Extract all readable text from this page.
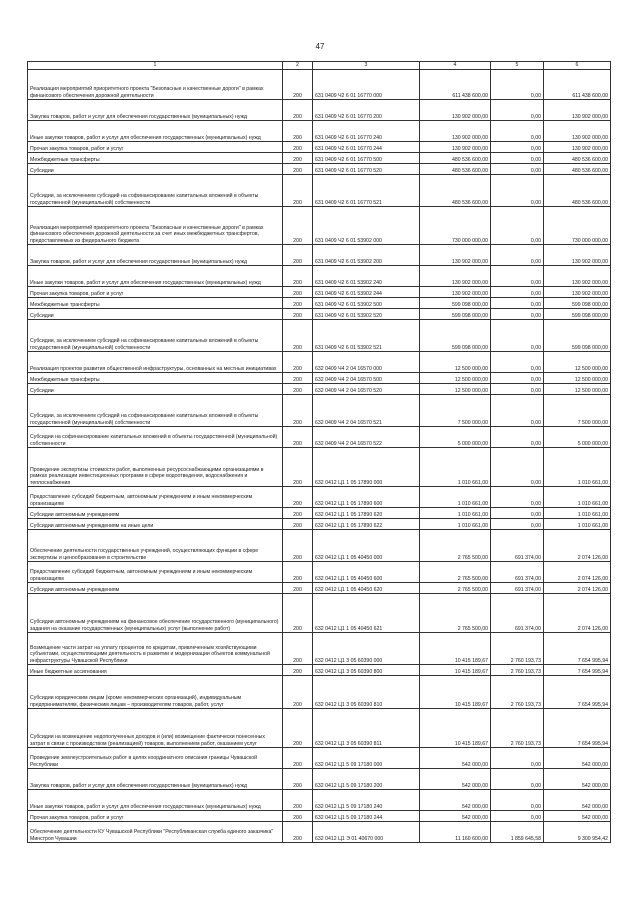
47
1	2	3	4	5	6
Реализация мероприятий приоритетного проекта "Безопасные и качественные дороги" в рамках финансового обеспечения дорожной деятельности	200	631 0409 Ч2 6 01 16770 000	611 438 600,00	0,00	611 438 600,00
Закупка товаров, работ и услуг для обеспечения государственных (муниципальных) нужд	200	631 0409 Ч2 6 01 16770 200	130 902 000,00	0,00	130 902 000,00
Иные закупки товаров, работ и услуг для обеспечения государственных (муниципальных) нужд	200	631 0409 Ч2 6 01 16770 240	130 902 000,00	0,00	130 902 000,00
Прочая закупка товаров, работ и услуг	200	631 0409 Ч2 6 01 16770 244	130 902 000,00	0,00	130 902 000,00
Межбюджетные трансферты	200	631 0409 Ч2 6 01 16770 500	480 536 600,00	0,00	480 536 600,00
Субсидии	200	631 0409 Ч2 6 01 16770 520	480 536 600,00	0,00	480 536 600,00
Субсидии, за исключением субсидий на софинансирование капитальных вложений в объекты государственной (муниципальной) собственности	200	631 0409 Ч2 6 01 16770 521	480 536 600,00	0,00	480 536 600,00
Реализация мероприятий приоритетного проекта "Безопасные и качественные дороги" в рамках финансового обеспечения дорожной деятельности за счет иных межбюджетных трансфертов, предоставляемых из федерального бюджета	200	631 0409 Ч2 6 01 53902 000	730 000 000,00	0,00	730 000 000,00
Закупка товаров, работ и услуг для обеспечения государственных (муниципальных) нужд	200	631 0409 Ч2 6 01 53902 200	130 902 000,00	0,00	130 902 000,00
Иные закупки товаров, работ и услуг для обеспечения государственных (муниципальных) нужд	200	631 0409 Ч2 6 01 53902 240	130 902 000,00	0,00	130 902 000,00
Прочая закупка товаров, работ и услуг	200	631 0409 Ч2 6 01 53902 244	130 902 000,00	0,00	130 902 000,00
Межбюджетные трансферты	200	631 0409 Ч2 6 01 53902 500	599 098 000,00	0,00	599 098 000,00
Субсидии	200	631 0409 Ч2 6 01 53902 520	599 098 000,00	0,00	599 098 000,00
Субсидии, за исключением субсидий на софинансирование капитальных вложений в объекты государственной (муниципальной) собственности	200	631 0409 Ч2 6 01 53902 521	599 098 000,00	0,00	599 098 000,00
Реализация проектов развития общественной инфраструктуры, основанных на местных инициативах	200	632 0409 Ч4 2 04 16570 000	12 500 000,00	0,00	12 500 000,00
Межбюджетные трансферты	200	632 0409 Ч4 2 04 16570 500	12 500 000,00	0,00	12 500 000,00
Субсидии	200	632 0409 Ч4 2 04 16570 520	12 500 000,00	0,00	12 500 000,00
Субсидии, за исключением субсидий на софинансирование капитальных вложений в объекты государственной (муниципальной) собственности	200	632 0409 Ч4 2 04 16570 521	7 500 000,00	0,00	7 500 000,00
Субсидии на софинансирование капитальных вложений в объекты государственной (муниципальной) собственности	200	632 0409 Ч4 2 04 16570 522	5 000 000,00	0,00	5 000 000,00
Проведение экспертизы стоимости работ, выполненных ресурсоснабжающими организациями в рамках реализации инвестиционных программ в сфере водоотведения, водоснабжения и теплоснабжения	200	632 0412 Ц1 1 05 17890 000	1 010 661,00	0,00	1 010 661,00
Предоставление субсидий бюджетным, автономным учреждениям и иным некоммерческим организациям	200	632 0412 Ц1 1 05 17890 600	1 010 661,00	0,00	1 010 661,00
Субсидии автономным учреждениям	200	632 0412 Ц1 1 05 17890 620	1 010 661,00	0,00	1 010 661,00
Субсидии автономным учреждениям на иные цели	200	632 0412 Ц1 1 05 17890 622	1 010 661,00	0,00	1 010 661,00
Обеспечение деятельности государственных учреждений, осуществляющих функции в сфере экспертизы и ценообразования в строительстве	200	632 0412 Ц1 1 05 40450 000	2 765 500,00	691 374,00	2 074 126,00
Предоставление субсидий бюджетным, автономным учреждениям и иным некоммерческим организациям	200	632 0412 Ц1 1 05 40450 600	2 765 500,00	691 374,00	2 074 126,00
Субсидии автономным учреждениям	200	632 0412 Ц1 1 05 40450 620	2 765 500,00	691 374,00	2 074 126,00
Субсидии автономным учреждениям на финансовое обеспечение государственного (муниципального) задания на оказание государственных (муниципальных) услуг (выполнение работ)	200	632 0412 Ц1 1 05 40450 621	2 765 500,00	691 374,00	2 074 126,00
Возмещение части затрат на уплату процентов по кредитам, привлеченным хозяйствующими субъектами, осуществляющими деятельность в развитии и модернизации объектов коммунальной инфраструктуры Чувашской Республики	200	632 0412 Ц1 3 05 60390 000	10 415 189,67	2 760 193,73	7 654 995,94
Иные бюджетные ассигнования	200	632 0412 Ц1 3 05 60390 800	10 415 189,67	2 760 193,73	7 654 995,94
Субсидии юридическим лицам (кроме некоммерческих организаций), индивидуальным предпринимателям, физическим лицам – производителям товаров, работ, услуг	200	632 0412 Ц1 3 05 60390 810	10 415 189,67	2 760 193,73	7 654 995,94
Субсидии на возмещение недополученных доходов и (или) возмещение фактически понесенных затрат в связи с производством (реализацией) товаров, выполнением работ, оказанием услуг	200	632 0412 Ц1 3 05 60390 811	10 415 189,67	2 760 193,73	7 654 995,94
Проведение землеустроительных работ в целях координатного описания границы Чувашской Республики	200	632 0412 Ц1 5 09 17180 000	542 000,00	0,00	542 000,00
Закупка товаров, работ и услуг для обеспечения государственных (муниципальных) нужд	200	632 0412 Ц1 5 09 17180 200	542 000,00	0,00	542 000,00
Иные закупки товаров, работ и услуг для обеспечения государственных (муниципальных) нужд	200	632 0412 Ц1 5 09 17180 240	542 000,00	0,00	542 000,00
Прочая закупка товаров, работ и услуг	200	632 0412 Ц1 5 09 17180 244	542 000,00	0,00	542 000,00
Обеспечение деятельности КУ Чувашской Республики "Республиканская служба единого заказчика" Минстроя Чувашии	200	632 0412 Ц1 Э 01 40670 000	11 160 600,00	1 859 645,58	9 300 954,42
